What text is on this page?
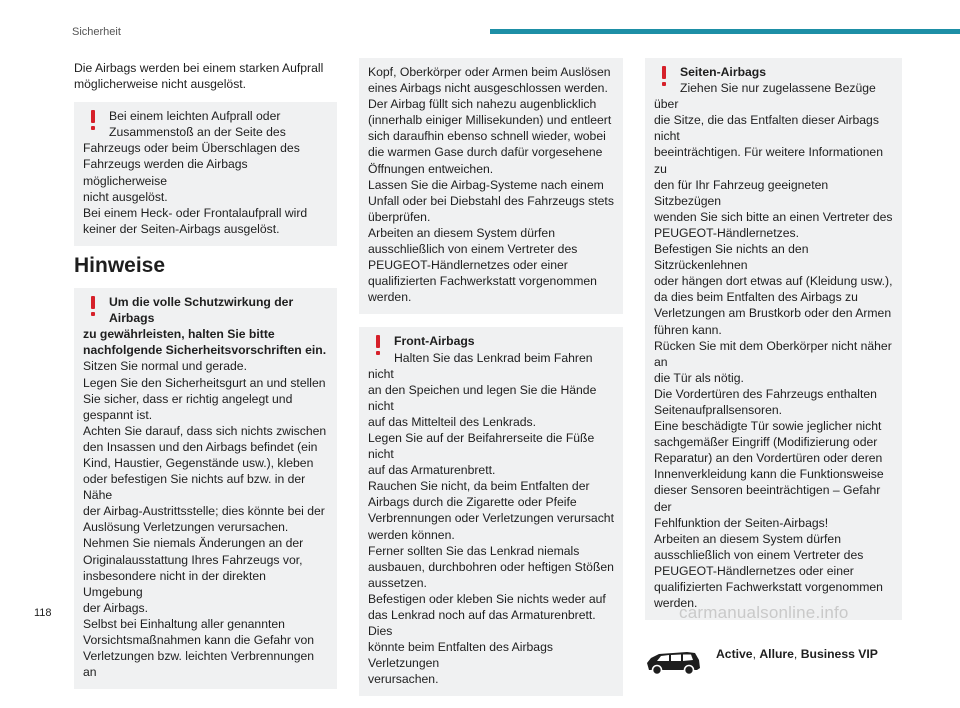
Sicherheit
Die Airbags werden bei einem starken Aufprall
möglicherweise nicht ausgelöst.
Bei einem leichten Aufprall oder
Zusammenstoß an der Seite des
Fahrzeugs oder beim Überschlagen des
Fahrzeugs werden die Airbags möglicherweise
nicht ausgelöst.
Bei einem Heck- oder Frontalaufprall wird
keiner der Seiten-Airbags ausgelöst.
Hinweise
Um die volle Schutzwirkung der Airbags
zu gewährleisten, halten Sie bitte
nachfolgende Sicherheitsvorschriften ein.
Sitzen Sie normal und gerade.
Legen Sie den Sicherheitsgurt an und stellen
Sie sicher, dass er richtig angelegt und
gespannt ist.
Achten Sie darauf, dass sich nichts zwischen
den Insassen und den Airbags befindet (ein
Kind, Haustier, Gegenstände usw.), kleben
oder befestigen Sie nichts auf bzw. in der Nähe
der Airbag-Austrittsstelle; dies könnte bei der
Auslösung Verletzungen verursachen.
Nehmen Sie niemals Änderungen an der
Originalausstattung Ihres Fahrzeugs vor,
insbesondere nicht in der direkten Umgebung
der Airbags.
Selbst bei Einhaltung aller genannten
Vorsichtsmaßnahmen kann die Gefahr von
Verletzungen bzw. leichten Verbrennungen an
Kopf, Oberkörper oder Armen beim Auslösen
eines Airbags nicht ausgeschlossen werden.
Der Airbag füllt sich nahezu augenblicklich
(innerhalb einiger Millisekunden) und entleert
sich daraufhin ebenso schnell wieder, wobei
die warmen Gase durch dafür vorgesehene
Öffnungen entweichen.
Lassen Sie die Airbag-Systeme nach einem
Unfall oder bei Diebstahl des Fahrzeugs stets
überprüfen.
Arbeiten an diesem System dürfen
ausschließlich von einem Vertreter des
PEUGEOT-Händlernetzes oder einer
qualifizierten Fachwerkstatt vorgenommen
werden.
Front-Airbags
Halten Sie das Lenkrad beim Fahren nicht
an den Speichen und legen Sie die Hände nicht
auf das Mittelteil des Lenkrads.
Legen Sie auf der Beifahrerseite die Füße nicht
auf das Armaturenbrett.
Rauchen Sie nicht, da beim Entfalten der
Airbags durch die Zigarette oder Pfeife
Verbrennungen oder Verletzungen verursacht
werden können.
Ferner sollten Sie das Lenkrad niemals
ausbauen, durchbohren oder heftigen Stößen
aussetzen.
Befestigen oder kleben Sie nichts weder auf
das Lenkrad noch auf das Armaturenbrett. Dies
könnte beim Entfalten des Airbags Verletzungen
verursachen.
Seiten-Airbags
Ziehen Sie nur zugelassene Bezüge über
die Sitze, die das Entfalten dieser Airbags nicht
beeinträchtigen. Für weitere Informationen zu
den für Ihr Fahrzeug geeigneten Sitzbezügen
wenden Sie sich bitte an einen Vertreter des
PEUGEOT-Händlernetzes.
Befestigen Sie nichts an den Sitzrückenlehnen
oder hängen dort etwas auf (Kleidung usw.),
da dies beim Entfalten des Airbags zu
Verletzungen am Brustkorb oder den Armen
führen kann.
Rücken Sie mit dem Oberkörper nicht näher an
die Tür als nötig.
Die Vordertüren des Fahrzeugs enthalten
Seitenaufprallsensoren.
Eine beschädigte Tür sowie jeglicher nicht
sachgemäßer Eingriff (Modifizierung oder
Reparatur) an den Vordertüren oder deren
Innenverkleidung kann die Funktionsweise
dieser Sensoren beeinträchtigen – Gefahr der
Fehlfunktion der Seiten-Airbags!
Arbeiten an diesem System dürfen
ausschließlich von einem Vertreter des
PEUGEOT-Händlernetzes oder einer
qualifizierten Fachwerkstatt vorgenommen
werden.
Active, Allure, Business VIP
118	carmanualsonline.info
